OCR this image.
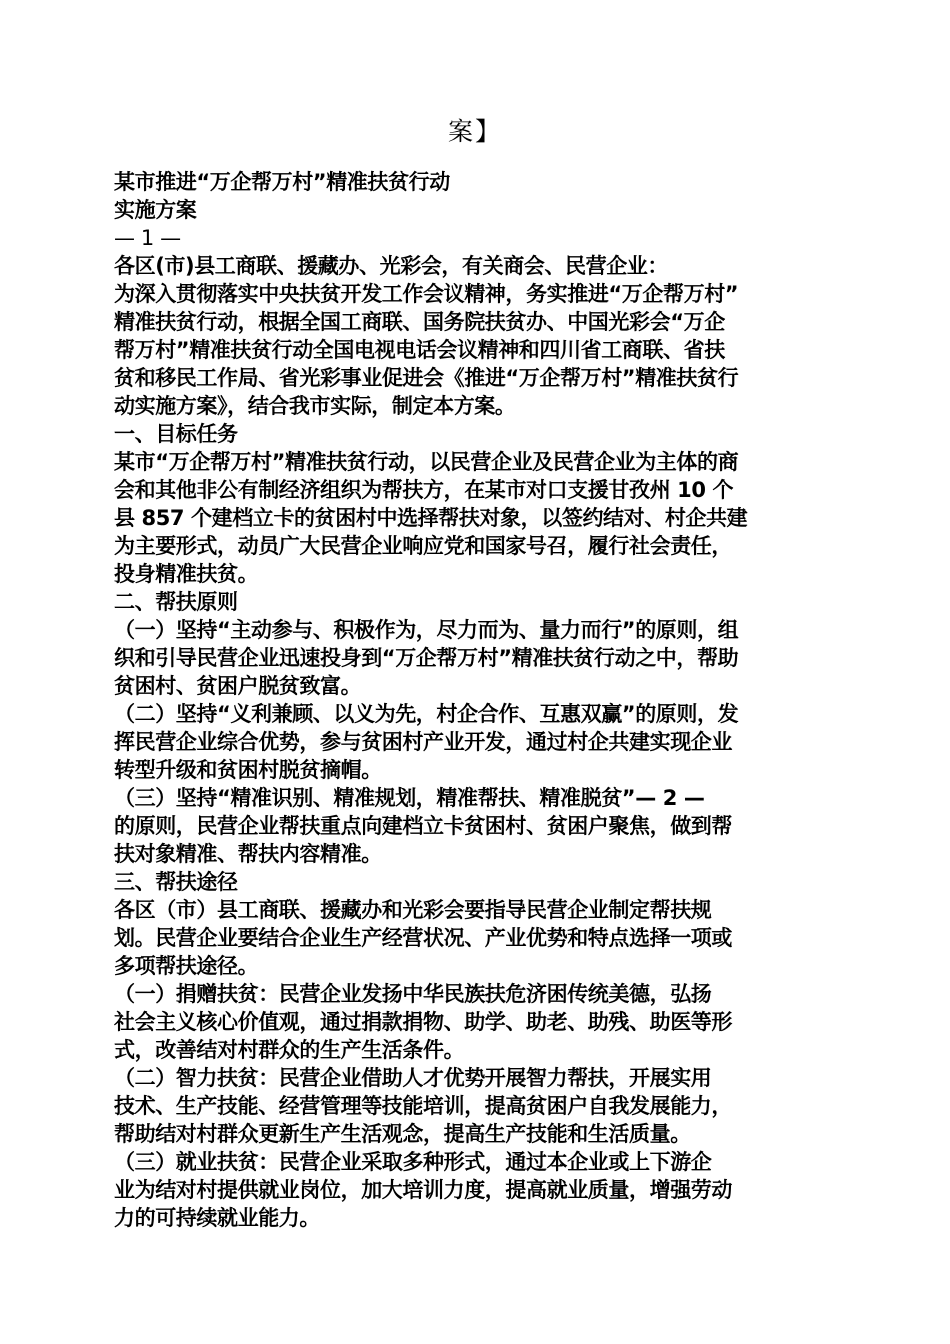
案】
某市推进“万企帮万村”精准扶贫行动
实施方案
— 1 —
各区(市)县工商联、援藏办、光彩会，有关商会、民营企业：
为深入贯彻落实中央扶贫开发工作会议精神，务实推进“万企帮万村”
精准扶贫行动，根据全国工商联、国务院扶贫办、中国光彩会“万企
帮万村”精准扶贫行动全国电视电话会议精神和四川省工商联、省扶
贫和移民工作局、省光彩事业促进会《推进“万企帮万村”精准扶贫行
动实施方案》，结合我市实际，制定本方案。
一、目标任务
某市“万企帮万村”精准扶贫行动，以民营企业及民营企业为主体的商
会和其他非公有制经济组织为帮扶方，在某市对口支援甘孜州 10 个
县 857 个建档立卡的贫困村中选择帮扶对象，以签约结对、村企共建
为主要形式，动员广大民营企业响应党和国家号召，履行社会责任，
投身精准扶贫。
二、帮扶原则
（一）坚持“主动参与、积极作为，尽力而为、量力而行”的原则，组
织和引导民营企业迅速投身到“万企帮万村”精准扶贫行动之中，帮助
贫困村、贫困户脱贫致富。
（二）坚持“义利兼顾、以义为先，村企合作、互惠双赢”的原则，发
挥民营企业综合优势，参与贫困村产业开发，通过村企共建实现企业
转型升级和贫困村脱贫摘帽。
（三）坚持“精准识别、精准规划，精准帮扶、精准脱贫”— 2 —
的原则，民营企业帮扶重点向建档立卡贫困村、贫困户聚焦，做到帮
扶对象精准、帮扶内容精准。
三、帮扶途径
各区（市）县工商联、援藏办和光彩会要指导民营企业制定帮扶规
划。民营企业要结合企业生产经营状况、产业优势和特点选择一项或
多项帮扶途径。
（一）捐赠扶贫：民营企业发扬中华民族扶危济困传统美德，弘扬
社会主义核心价值观，通过捐款捐物、助学、助老、助残、助医等形
式，改善结对村群众的生产生活条件。
（二）智力扶贫：民营企业借助人才优势开展智力帮扶，开展实用
技术、生产技能、经营管理等技能培训，提高贫困户自我发展能力，
帮助结对村群众更新生产生活观念，提高生产技能和生活质量。
（三）就业扶贫：民营企业采取多种形式，通过本企业或上下游企
业为结对村提供就业岗位，加大培训力度，提高就业质量，增强劳动
力的可持续就业能力。
